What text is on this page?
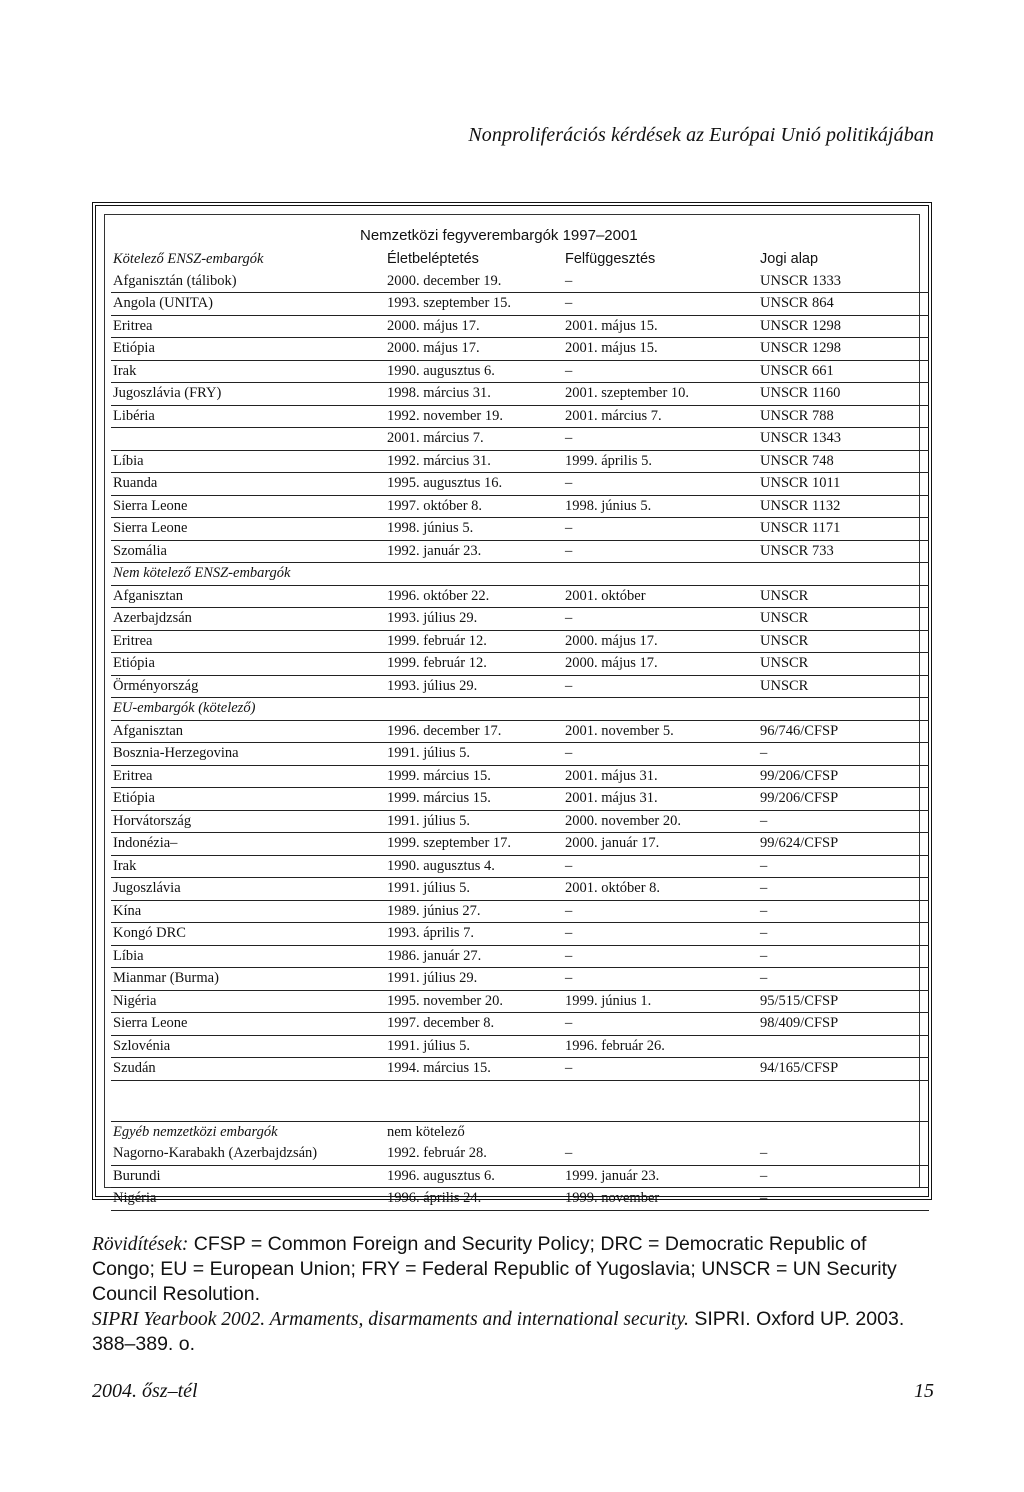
Nonproliferációs kérdések az Európai Unió politikájában
Nemzetközi fegyverembargók 1997–2001
Kötelező ENSZ-embargók	Életbeléptetés	Felfüggesztés	Jogi alap
Afganisztán (tálibok)	2000. december 19.	–	UNSCR 1333
Angola (UNITA)	1993. szeptember 15.	–	UNSCR 864
Eritrea	2000. május 17.	2001. május 15.	UNSCR 1298
Etiópia	2000. május 17.	2001. május 15.	UNSCR 1298
Irak	1990. augusztus 6.	–	UNSCR 661
Jugoszlávia (FRY)	1998. március 31.	2001. szeptember 10.	UNSCR 1160
Libéria	1992. november 19.	2001. március 7.	UNSCR 788
	2001. március 7.	–	UNSCR 1343
Líbia	1992. március 31.	1999. április 5.	UNSCR 748
Ruanda	1995. augusztus 16.	–	UNSCR 1011
Sierra Leone	1997. október 8.	1998. június 5.	UNSCR 1132
Sierra Leone	1998. június 5.	–	UNSCR 1171
Szomália	1992. január 23.	–	UNSCR 733
Nem kötelező ENSZ-embargók			
Afganisztan	1996. október 22.	2001. október	UNSCR
Azerbajdzsán	1993. július 29.	–	UNSCR
Eritrea	1999. február 12.	2000. május 17.	UNSCR
Etiópia	1999. február 12.	2000. május 17.	UNSCR
Örményország	1993. július 29.	–	UNSCR
EU-embargók (kötelező)			
Afganisztan	1996. december 17.	2001. november 5.	96/746/CFSP
Bosznia-Herzegovina	1991. július 5.	–	–
Eritrea	1999. március 15.	2001. május 31.	99/206/CFSP
Etiópia	1999. március 15.	2001. május 31.	99/206/CFSP
Horvátország	1991. július 5.	2000. november 20.	–
Indonézia–	1999. szeptember 17.	2000. január 17.	99/624/CFSP
Irak	1990. augusztus 4.	–	–
Jugoszlávia	1991. július 5.	2001. október 8.	–
Kína	1989. június 27.	–	–
Kongó DRC	1993. április 7.	–	–
Líbia	1986. január 27.	–	–
Mianmar (Burma)	1991. július 29.	–	–
Nigéria	1995. november 20.	1999. június 1.	95/515/CFSP
Sierra Leone	1997. december 8.	–	98/409/CFSP
Szlovénia	1991. július 5.	1996. február 26.	
Szudán	1994. március 15.	–	94/165/CFSP

Egyéb nemzetközi embargók	nem kötelező		
Nagorno-Karabakh (Azerbajdzsán)	1992. február 28.	–	–
Burundi	1996. augusztus 6.	1999. január 23.	–
Nigéria	1996. április 24.	1999. november	–

Rövidítések: CFSP = Common Foreign and Security Policy; DRC = Democratic Republic of Congo; EU = European Union; FRY = Federal Republic of Yugoslavia; UNSCR = UN Security Council Resolution.

SIPRI Yearbook 2002. Armaments, disarmaments and international security. SIPRI. Oxford UP. 2003. 388–389. o.

2004. ősz–tél	15
